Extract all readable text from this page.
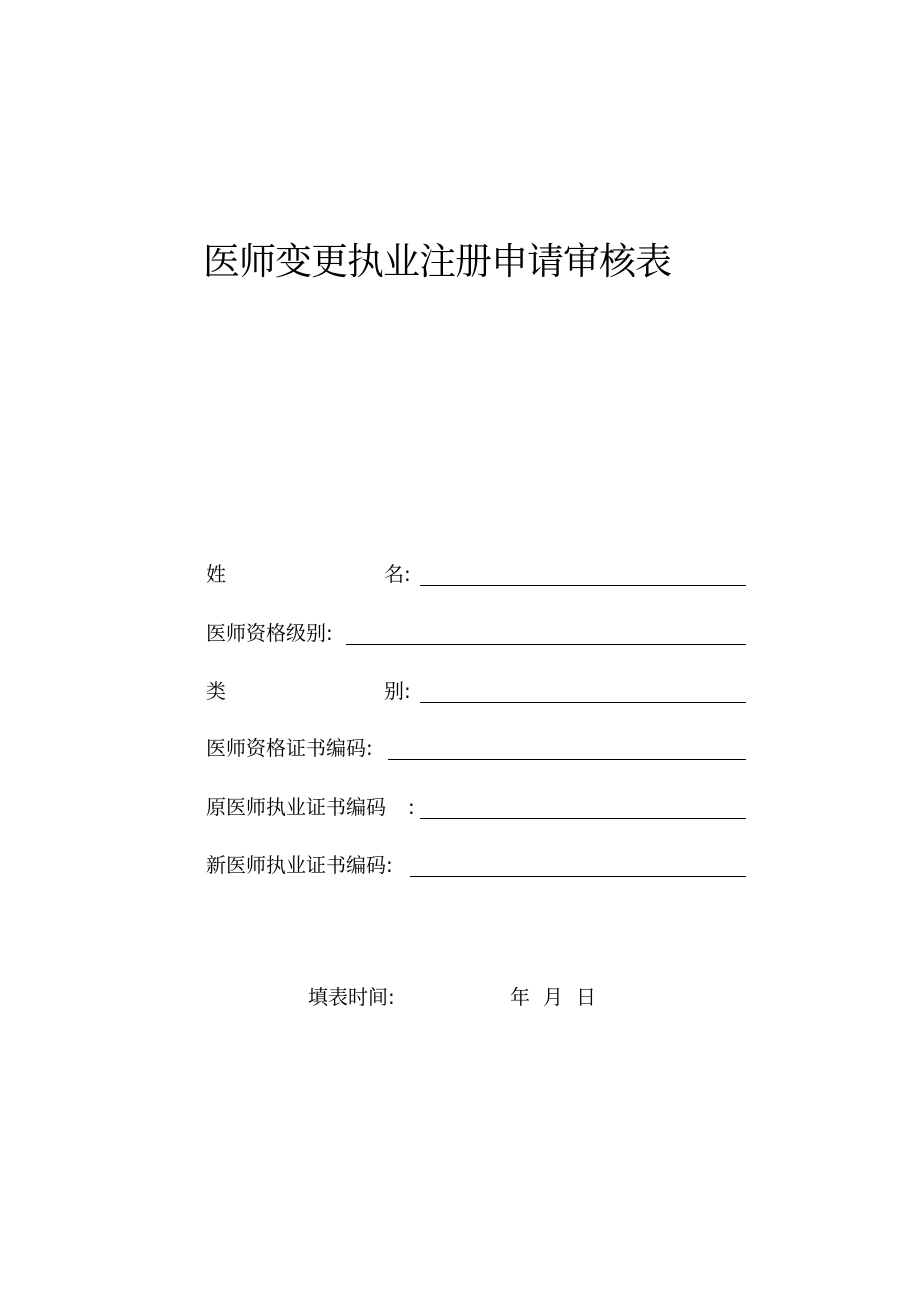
医师变更执业注册申请审核表
姓	名:
医师资格级别:
类	别:
医师资格证书编码:
原医师执业证书编码 :
新医师执业证书编码:
填表时间:	年 月 日
